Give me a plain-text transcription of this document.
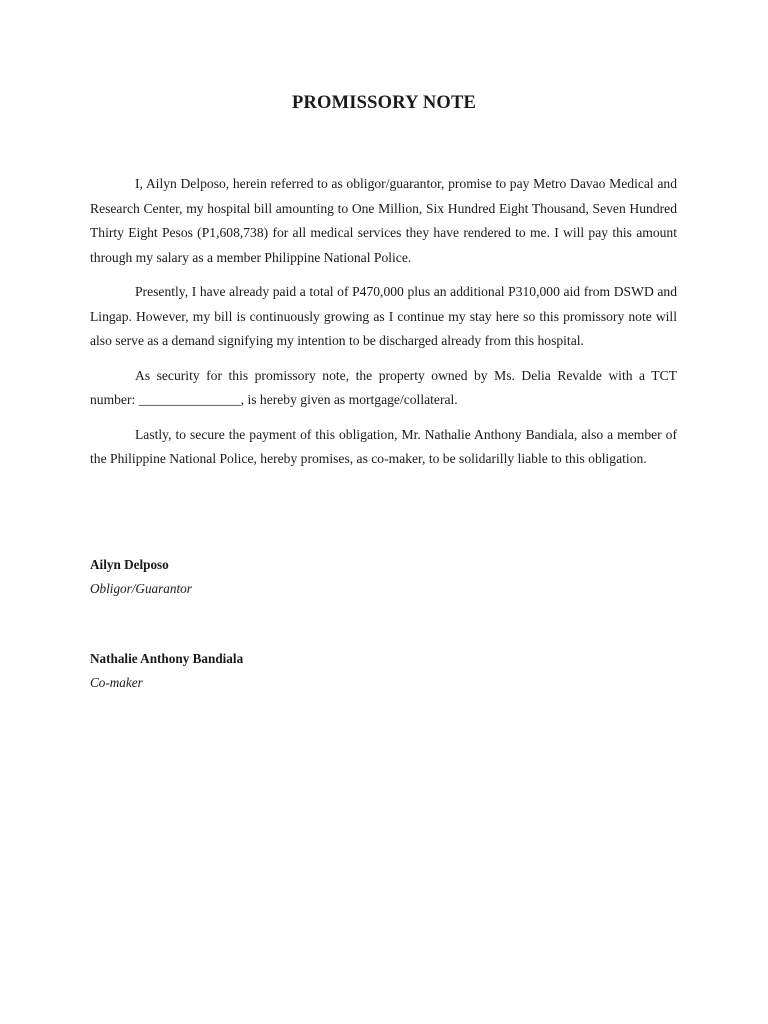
PROMISSORY NOTE

I, Ailyn Delposo, herein referred to as obligor/guarantor, promise to pay Metro Davao Medical and Research Center, my hospital bill amounting to One Million, Six Hundred Eight Thousand, Seven Hundred Thirty Eight Pesos (P1,608,738) for all medical services they have rendered to me. I will pay this amount through my salary as a member Philippine National Police.

Presently, I have already paid a total of P470,000 plus an additional P310,000 aid from DSWD and Lingap. However, my bill is continuously growing as I continue my stay here so this promissory note will also serve as a demand signifying my intention to be discharged already from this hospital.

As security for this promissory note, the property owned by Ms. Delia Revalde with a TCT number: _______________, is hereby given as mortgage/collateral.

Lastly, to secure the payment of this obligation, Mr. Nathalie Anthony Bandiala, also a member of the Philippine National Police, hereby promises, as co-maker, to be solidarilly liable to this obligation.

Ailyn Delposo
Obligor/Guarantor
Nathalie Anthony Bandiala
Co-maker
